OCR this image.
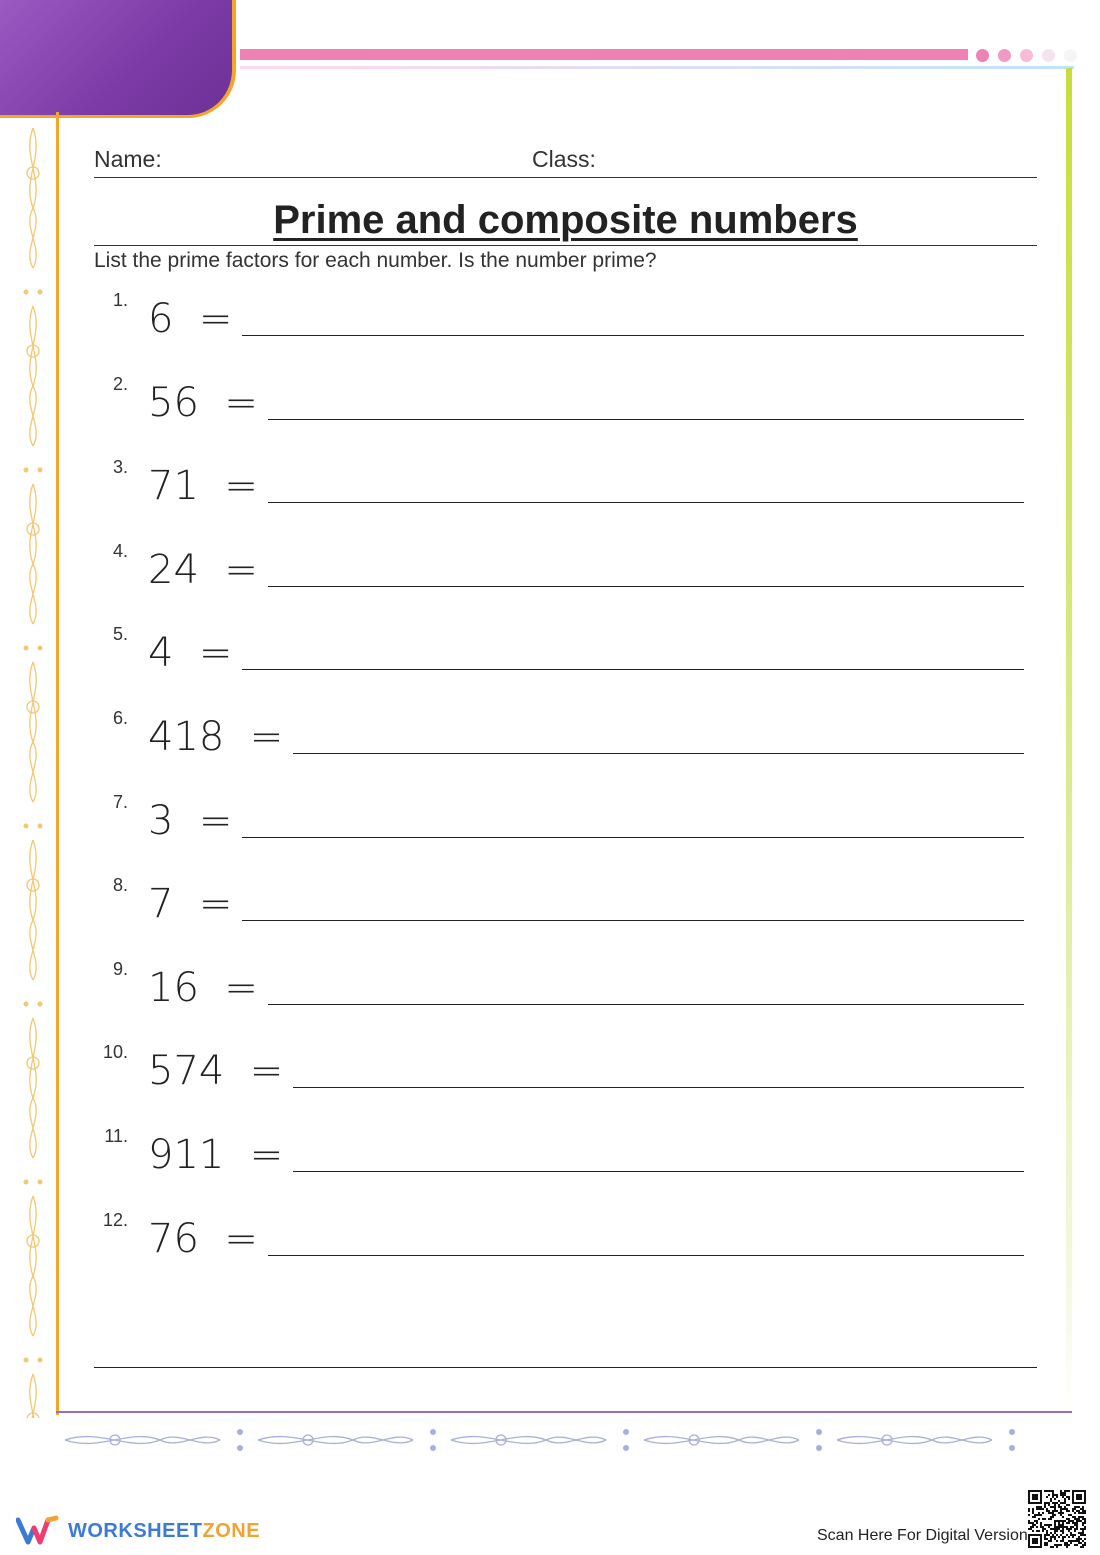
Name:	Class:
Prime and composite numbers
List the prime factors for each number. Is the number prime?
1. 6 =
2. 56 =
3. 71 =
4. 24 =
5. 4 =
6. 418 =
7. 3 =
8. 7 =
9. 16 =
10. 574 =
11. 911 =
12. 76 =
WORKSHEETZONE	Scan Here For Digital Version
